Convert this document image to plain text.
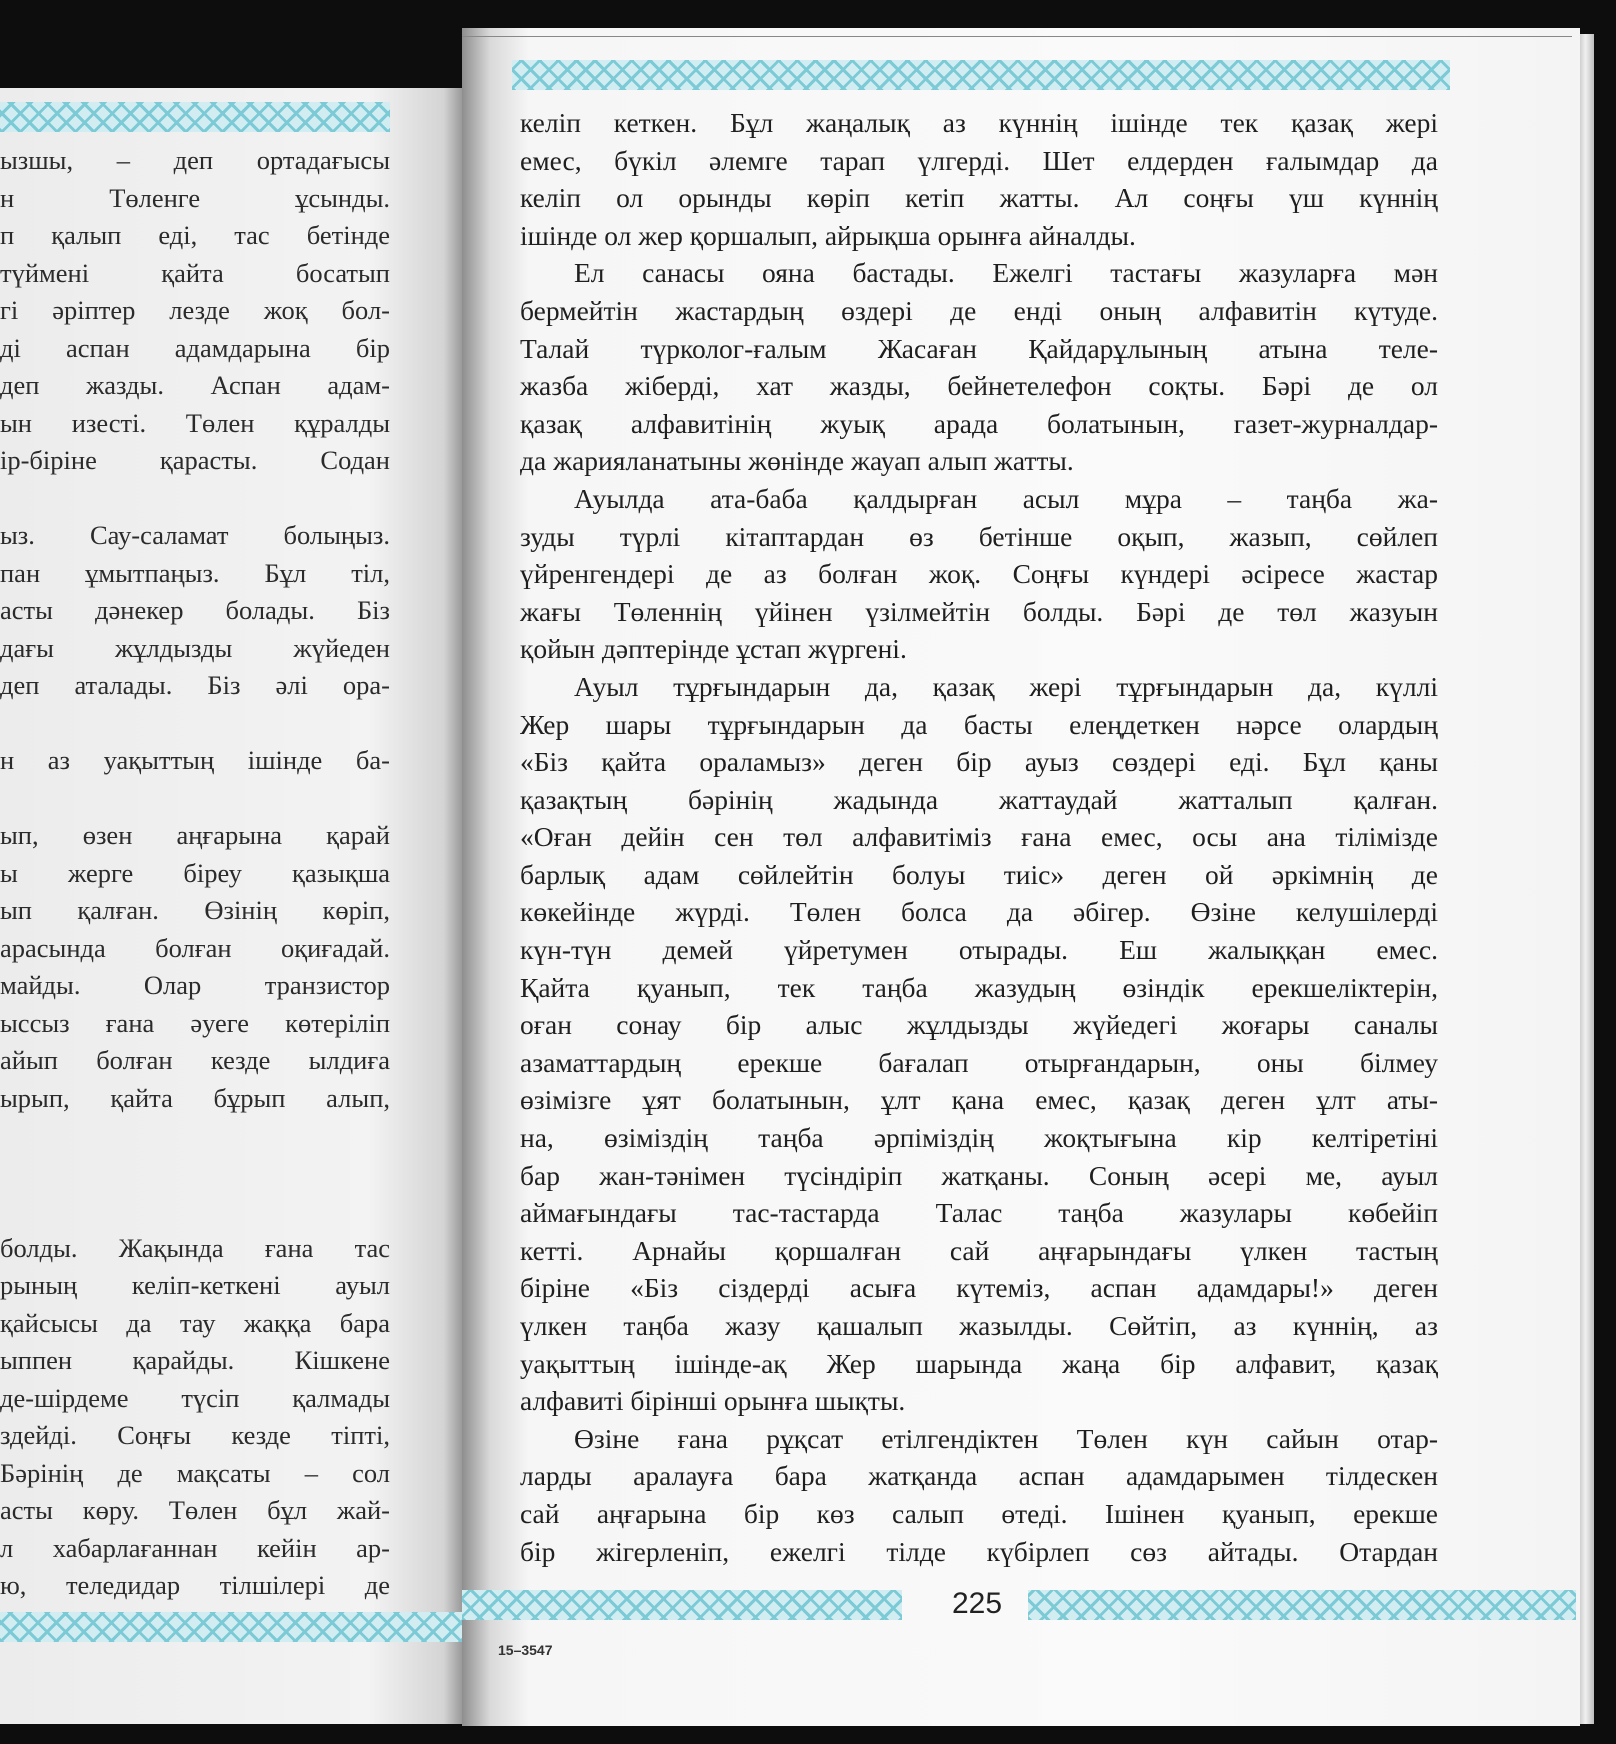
ызшы, – деп ортадағысы
н Төленге ұсынды.
п қалып еді, тас бетінде
түймені қайта босатып
гі әріптер лезде жоқ бол-
ді аспан адамдарына бір
деп жазды. Аспан адам-
ын изесті. Төлен құралды
ір-біріне қарасты. Содан
ыз. Сау-саламат болыңыз.
пан ұмытпаңыз. Бұл тіл,
асты дәнекер болады. Біз
дағы жұлдызды жүйеден
деп аталады. Біз әлі ора-
н аз уақыттың ішінде ба-
ып, өзен аңғарына қарай
ы жерге біреу қазықша
ып қалған. Өзінің көріп,
арасында болған оқиғадай.
майды. Олар транзистор
ыссыз ғана әуеге көтеріліп
айып болған кезде ылдиға
ырып, қайта бұрып алып,
болды. Жақында ғана тас
рының келіп-кеткені ауыл
қайсысы да тау жаққа бара
ыппен қарайды. Кішкене
де-шірдеме түсіп қалмады
здейді. Соңғы кезде тіпті,
Бәрінің де мақсаты – сол
асты көру. Төлен бұл жай-
л хабарлағаннан кейін ар-
ю, теледидар тілшілері де
келіп кеткен. Бұл жаңалық аз күннің ішінде тек қазақ жері
емес, бүкіл әлемге тарап үлгерді. Шет елдерден ғалымдар да
келіп ол орынды көріп кетіп жатты. Ал соңғы үш күннің
ішінде ол жер қоршалып, айрықша орынға айналды.
Ел санасы ояна бастады. Ежелгі тастағы жазуларға мән
бермейтін жастардың өздері де енді оның алфавитін күтуде.
Талай түрколог-ғалым Жасаған Қайдарұлының атына теле-
жазба жіберді, хат жазды, бейнетелефон соқты. Бәрі де ол
қазақ алфавитінің жуық арада болатынын, газет-журналдар-
да жарияланатыны жөнінде жауап алып жатты.
Ауылда ата-баба қалдырған асыл мұра – таңба жа-
зуды түрлі кітаптардан өз бетінше оқып, жазып, сөйлеп
үйренгендері де аз болған жоқ. Соңғы күндері әсіресе жастар
жағы Төленнің үйінен үзілмейтін болды. Бәрі де төл жазуын
қойын дәптерінде ұстап жүргені.
Ауыл тұрғындарын да, қазақ жері тұрғындарын да, күллі
Жер шары тұрғындарын да басты елеңдеткен нәрсе олардың
«Біз қайта ораламыз» деген бір ауыз сөздері еді. Бұл қаны
қазақтың бәрінің жадында жаттаудай жатталып қалған.
«Оған дейін сен төл алфавитіміз ғана емес, осы ана тілімізде
барлық адам сөйлейтін болуы тиіс» деген ой әркімнің де
көкейінде жүрді. Төлен болса да әбігер. Өзіне келушілерді
күн-түн демей үйретумен отырады. Еш жалыққан емес.
Қайта қуанып, тек таңба жазудың өзіндік ерекшеліктерін,
оған сонау бір алыс жұлдызды жүйедегі жоғары саналы
азаматтардың ерекше бағалап отырғандарын, оны білмеу
өзімізге ұят болатынын, ұлт қана емес, қазақ деген ұлт аты-
на, өзіміздің таңба әрпіміздің жоқтығына кір келтіретіні
бар жан-тәнімен түсіндіріп жатқаны. Соның әсері ме, ауыл
аймағындағы тас-тастарда Талас таңба жазулары көбейіп
кетті. Арнайы қоршалған сай аңғарындағы үлкен тастың
біріне «Біз сіздерді асыға күтеміз, аспан адамдары!» деген
үлкен таңба жазу қашалып жазылды. Сөйтіп, аз күннің, аз
уақыттың ішінде-ақ Жер шарында жаңа бір алфавит, қазақ
алфавиті бірінші орынға шықты.
Өзіне ғана рұқсат етілгендіктен Төлен күн сайын отар-
ларды аралауға бара жатқанда аспан адамдарымен тілдескен
сай аңғарына бір көз салып өтеді. Ішінен қуанып, ерекше
бір жігерленіп, ежелгі тілде күбірлеп сөз айтады. Отардан
225
15–3547
